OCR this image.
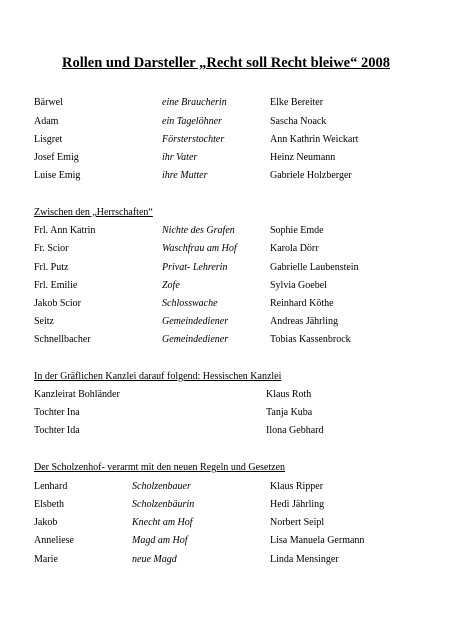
Rollen und Darsteller „Recht soll Recht bleiwe“ 2008
Bärwel	eine Braucherin	Elke Bereiter
Adam	ein Tagelöhner	Sascha Noack
Lisgret	Försterstochter	Ann Kathrin Weickart
Josef Emig	ihr Vater	Heinz Neumann
Luise Emig	ihre Mutter	Gabriele Holzberger
Zwischen den „Herrschaften“
Frl. Ann Katrin	Nichte des Grafen	Sophie Emde
Fr. Scior	Waschfrau am Hof	Karola Dörr
Frl. Putz	Privat- Lehrerin	Gabrielle Laubenstein
Frl. Emilie	Zofe	Sylvia Goebel
Jakob Scior	Schlosswache	Reinhard Köthe
Seitz	Gemeindediener	Andreas Jährling
Schnellbacher	Gemeindediener	Tobias Kassenbrock
In der Gräflichen Kanzlei darauf folgend: Hessischen Kanzlei
Kanzleirat Bohländer	Klaus Roth
Tochter Ina	Tanja Kuba
Tochter Ida	Ilona Gebhard
Der Scholzenhof- verarmt mit den neuen Regeln und Gesetzen
Lenhard	Scholzenbauer	Klaus Ripper
Elsbeth	Scholzenbäurin	Hedi Jährling
Jakob	Knecht am Hof	Norbert Seipl
Anneliese	Magd am Hof	Lisa Manuela Germann
Marie	neue Magd	Linda Mensinger
